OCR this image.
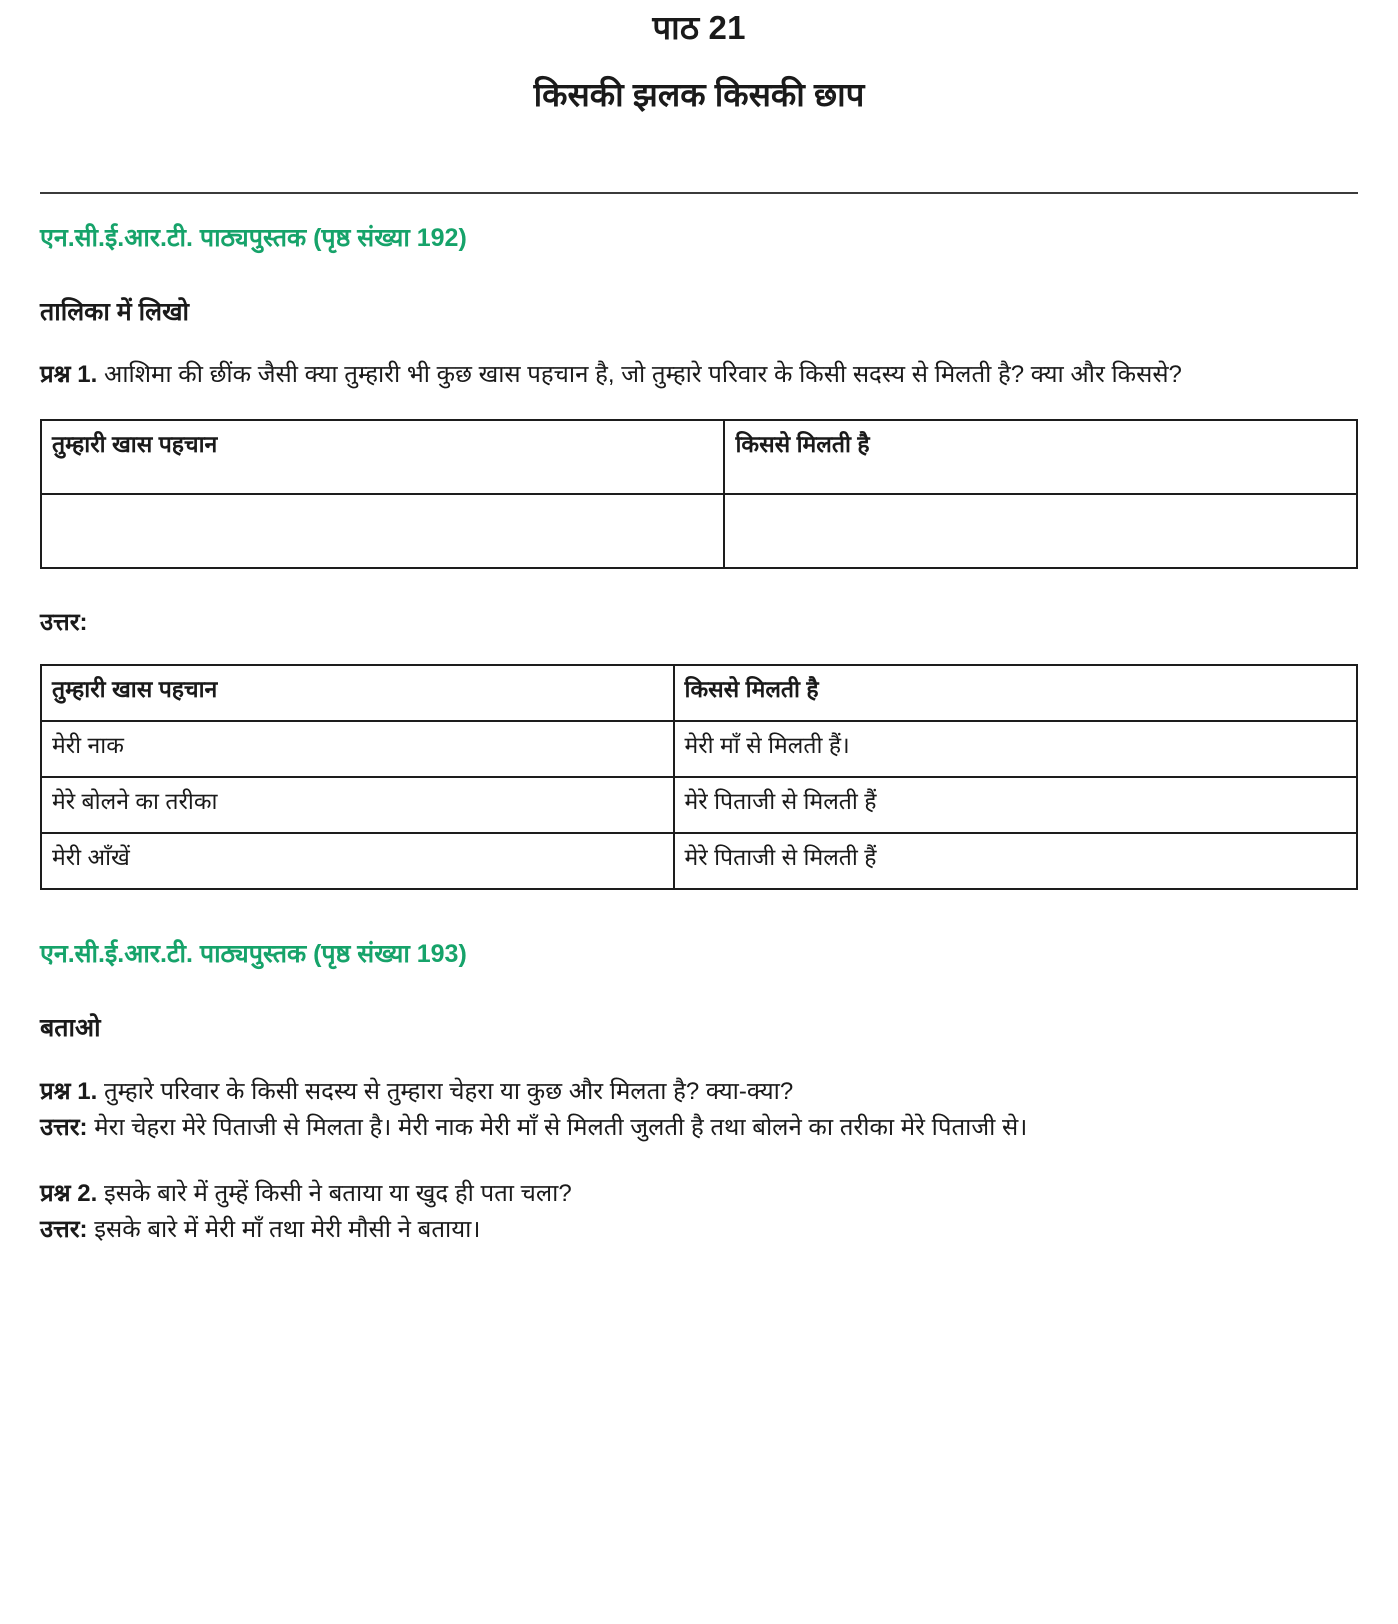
पाठ 21
किसकी झलक किसकी छाप
एन.सी.ई.आर.टी. पाठ्यपुस्तक (पृष्ठ संख्या 192)
तालिका में लिखो
प्रश्न 1. आशिमा की छींक जैसी क्या तुम्हारी भी कुछ खास पहचान है, जो तुम्हारे परिवार के किसी सदस्य से मिलती है? क्या और किससे?
तुम्हारी खास पहचान	किससे मिलती है

उत्तर:
तुम्हारी खास पहचान	किससे मिलती है
मेरी नाक	मेरी माँ से मिलती हैं।
मेरे बोलने का तरीका	मेरे पिताजी से मिलती हैं
मेरी आँखें	मेरे पिताजी से मिलती हैं
एन.सी.ई.आर.टी. पाठ्यपुस्तक (पृष्ठ संख्या 193)
बताओ
प्रश्न 1. तुम्हारे परिवार के किसी सदस्य से तुम्हारा चेहरा या कुछ और मिलता है? क्या-क्या?
उत्तर: मेरा चेहरा मेरे पिताजी से मिलता है। मेरी नाक मेरी माँ से मिलती जुलती है तथा बोलने का तरीका मेरे पिताजी से।
प्रश्न 2. इसके बारे में तुम्हें किसी ने बताया या खुद ही पता चला?
उत्तर: इसके बारे में मेरी माँ तथा मेरी मौसी ने बताया।
